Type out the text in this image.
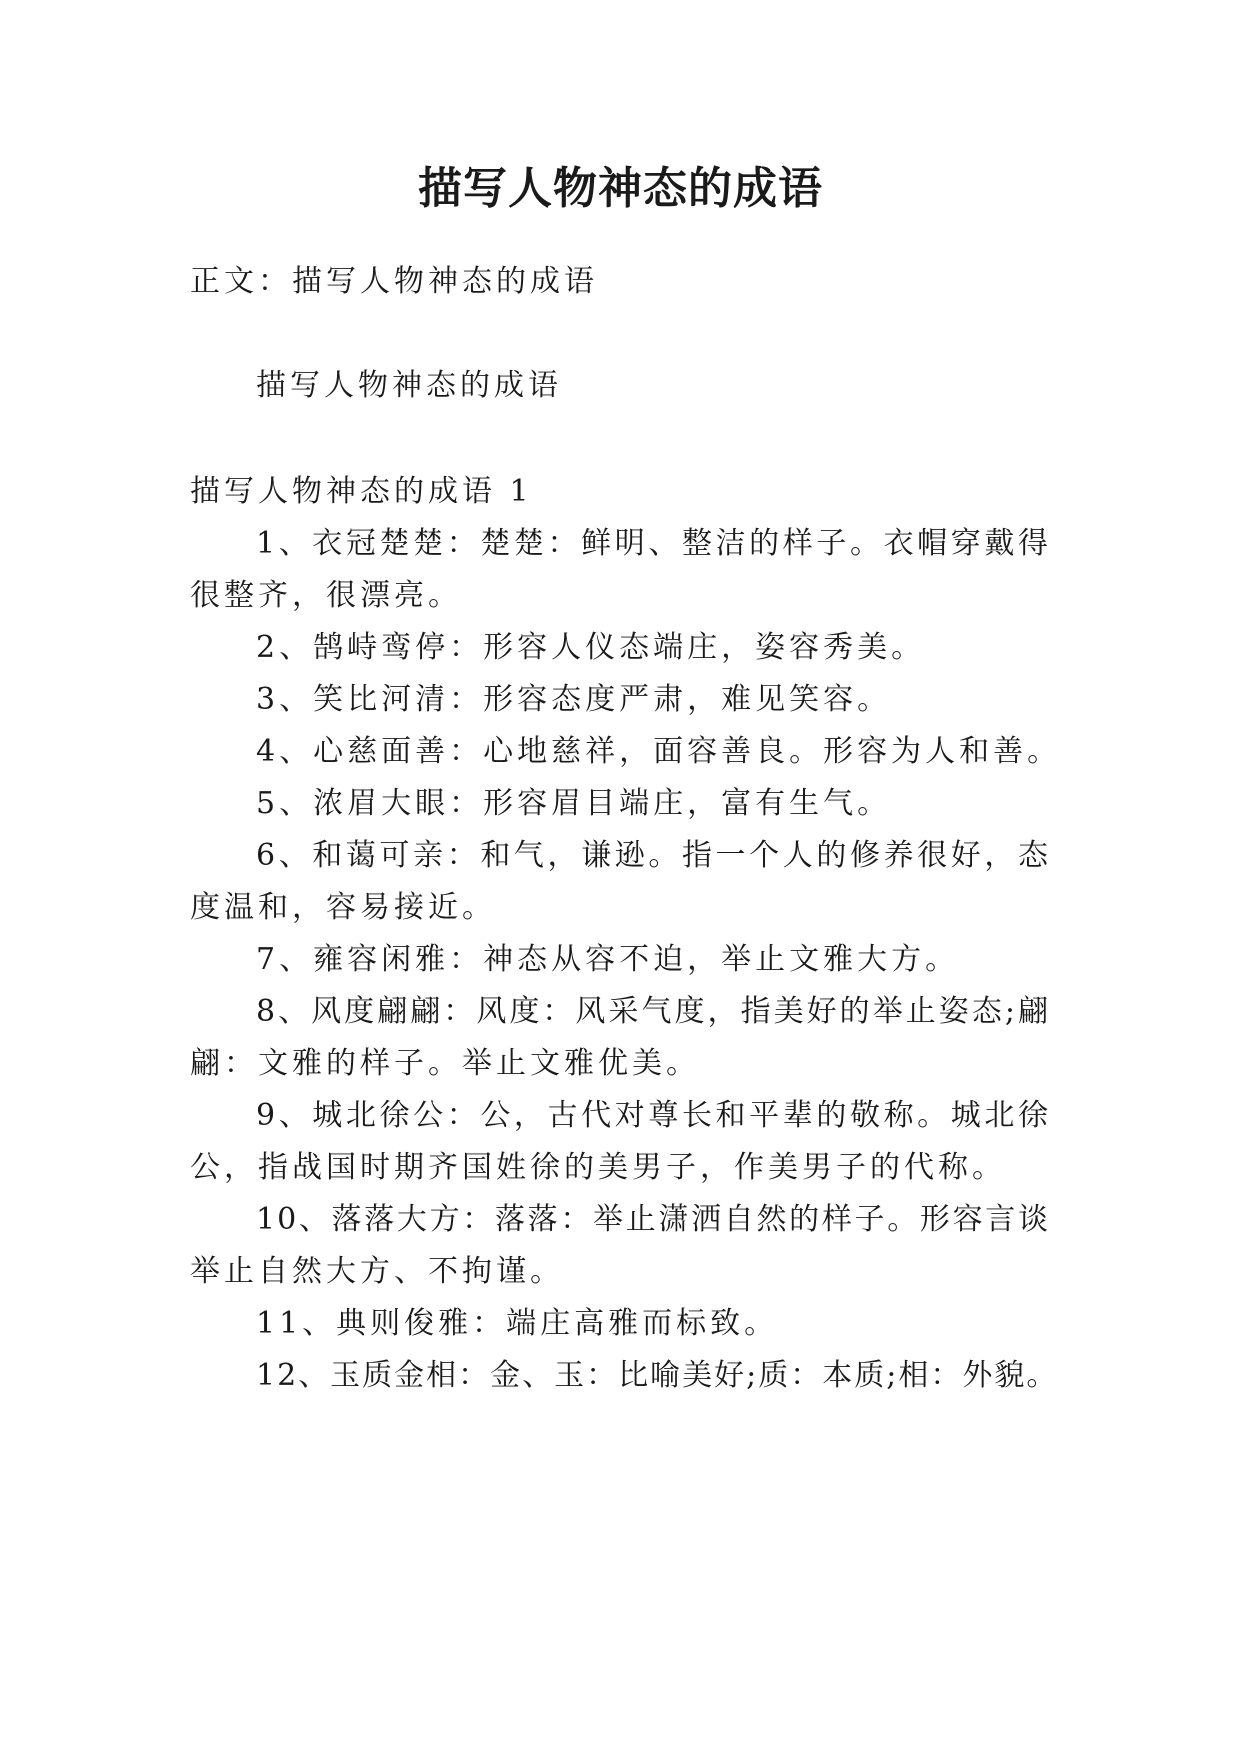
描写人物神态的成语
正文：描写人物神态的成语
描写人物神态的成语
描写人物神态的成语 1
1、衣冠楚楚：楚楚：鲜明、整洁的样子。衣帽穿戴得
很整齐，很漂亮。
2、鹄峙鸾停：形容人仪态端庄，姿容秀美。
3、笑比河清：形容态度严肃，难见笑容。
4、心慈面善：心地慈祥，面容善良。形容为人和善。
5、浓眉大眼：形容眉目端庄，富有生气。
6、和蔼可亲：和气，谦逊。指一个人的修养很好，态
度温和，容易接近。
7、雍容闲雅：神态从容不迫，举止文雅大方。
8、风度翩翩：风度：风采气度，指美好的举止姿态;翩
翩：文雅的样子。举止文雅优美。
9、城北徐公：公，古代对尊长和平辈的敬称。城北徐
公，指战国时期齐国姓徐的美男子，作美男子的代称。
10、落落大方：落落：举止潇洒自然的样子。形容言谈
举止自然大方、不拘谨。
11、典则俊雅：端庄高雅而标致。
12、玉质金相：金、玉：比喻美好;质：本质;相：外貌。
